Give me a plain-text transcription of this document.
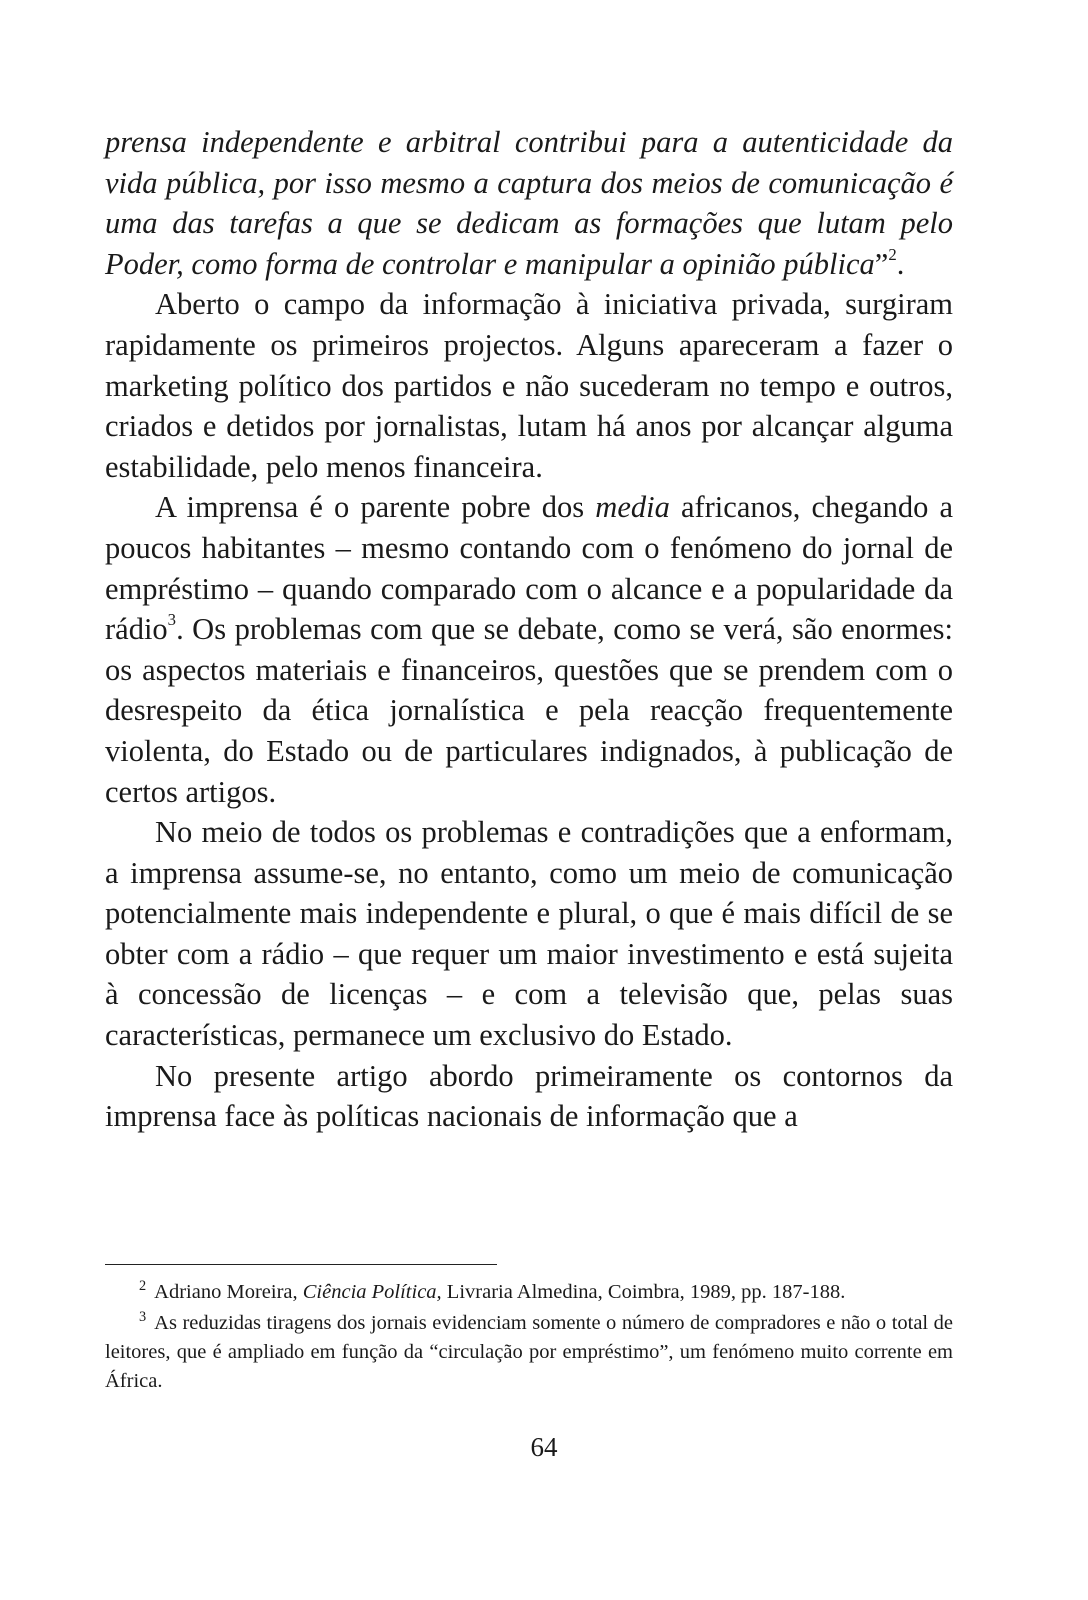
prensa independente e arbitral contribui para a autenticidade da vida pública, por isso mesmo a captura dos meios de comunicação é uma das tarefas a que se dedicam as formações que lutam pelo Poder, como forma de controlar e manipular a opinião pública”$^2$.

Aberto o campo da informação à iniciativa privada, surgiram rapidamente os primeiros projectos. Alguns apareceram a fazer o marketing político dos partidos e não sucederam no tempo e outros, criados e detidos por jornalistas, lutam há anos por alcançar alguma estabilidade, pelo menos financeira.

A imprensa é o parente pobre dos media africanos, chegando a poucos habitantes – mesmo contando com o fenómeno do jornal de empréstimo – quando comparado com o alcance e a popularidade da rádio$^3$. Os problemas com que se debate, como se verá, são enormes: os aspectos materiais e financeiros, questões que se prendem com o desrespeito da ética jornalística e pela reacção frequentemente violenta, do Estado ou de particulares indignados, à publicação de certos artigos.

No meio de todos os problemas e contradições que a enformam, a imprensa assume-se, no entanto, como um meio de comunicação potencialmente mais independente e plural, o que é mais difícil de se obter com a rádio – que requer um maior investimento e está sujeita à concessão de licenças – e com a televisão que, pelas suas características, permanece um exclusivo do Estado.

No presente artigo abordo primeiramente os contornos da imprensa face às políticas nacionais de informação que a

$^2$ Adriano Moreira, Ciência Política, Livraria Almedina, Coimbra, 1989, pp. 187-188.

$^3$ As reduzidas tiragens dos jornais evidenciam somente o número de compradores e não o total de leitores, que é ampliado em função da “circulação por empréstimo”, um fenómeno muito corrente em África.

64
